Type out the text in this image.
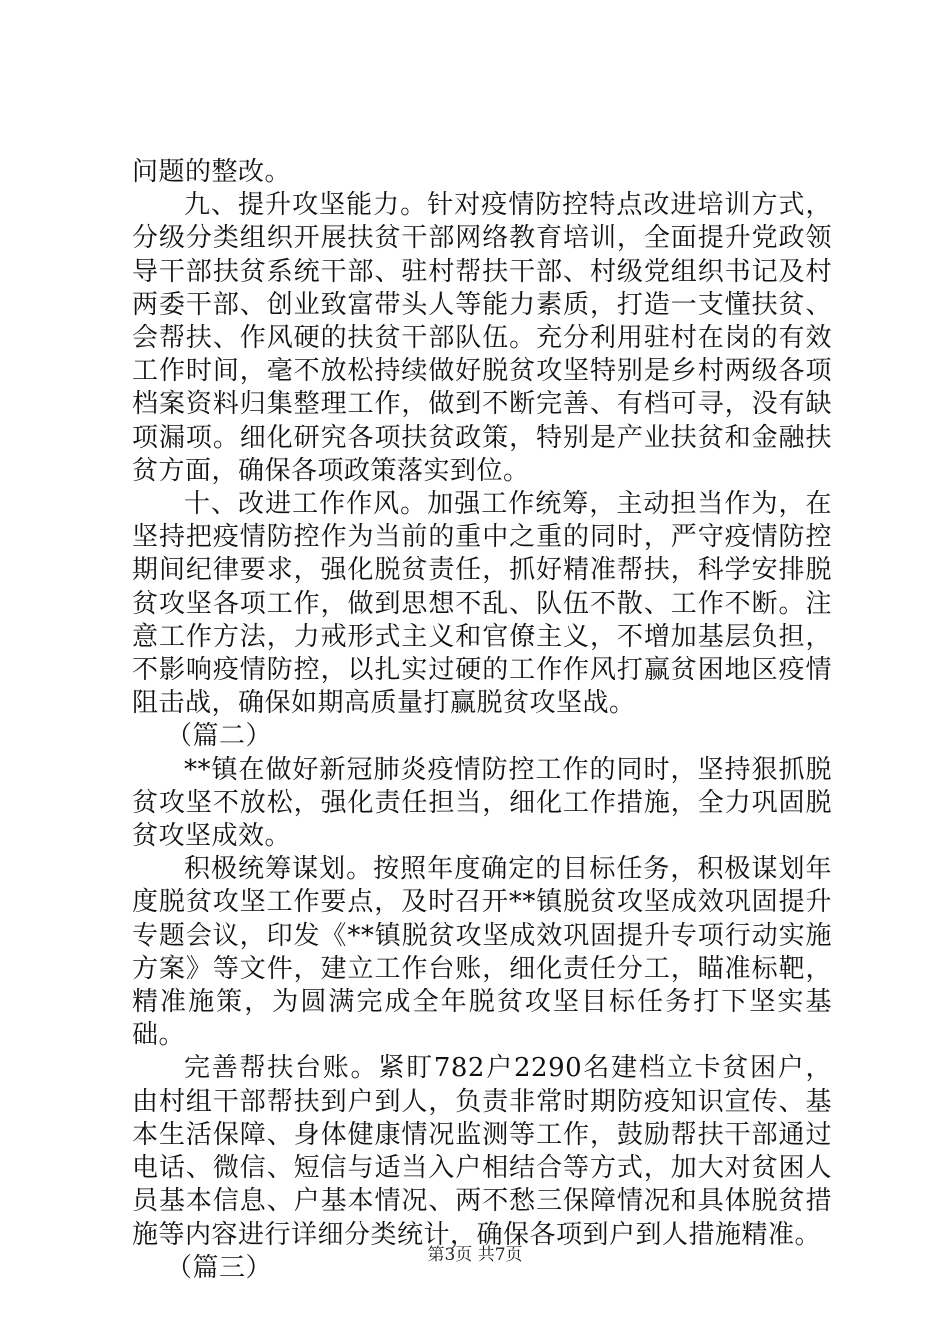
问题的整改。

九、提升攻坚能力。针对疫情防控特点改进培训方式，分级分类组织开展扶贫干部网络教育培训，全面提升党政领导干部扶贫系统干部、驻村帮扶干部、村级党组织书记及村两委干部、创业致富带头人等能力素质，打造一支懂扶贫、会帮扶、作风硬的扶贫干部队伍。充分利用驻村在岗的有效工作时间，毫不放松持续做好脱贫攻坚特别是乡村两级各项档案资料归集整理工作，做到不断完善、有档可寻，没有缺项漏项。细化研究各项扶贫政策，特别是产业扶贫和金融扶贫方面，确保各项政策落实到位。

十、改进工作作风。加强工作统筹，主动担当作为，在坚持把疫情防控作为当前的重中之重的同时，严守疫情防控期间纪律要求，强化脱贫责任，抓好精准帮扶，科学安排脱贫攻坚各项工作，做到思想不乱、队伍不散、工作不断。注意工作方法，力戒形式主义和官僚主义，不增加基层负担，不影响疫情防控，以扎实过硬的工作作风打赢贫困地区疫情阻击战，确保如期高质量打赢脱贫攻坚战。

（篇二）

**镇在做好新冠肺炎疫情防控工作的同时，坚持狠抓脱贫攻坚不放松，强化责任担当，细化工作措施，全力巩固脱贫攻坚成效。

积极统筹谋划。按照年度确定的目标任务，积极谋划年度脱贫攻坚工作要点，及时召开**镇脱贫攻坚成效巩固提升专题会议，印发《**镇脱贫攻坚成效巩固提升专项行动实施方案》等文件，建立工作台账，细化责任分工，瞄准标靶，精准施策，为圆满完成全年脱贫攻坚目标任务打下坚实基础。

完善帮扶台账。紧盯782户2290名建档立卡贫困户，由村组干部帮扶到户到人，负责非常时期防疫知识宣传、基本生活保障、身体健康情况监测等工作，鼓励帮扶干部通过电话、微信、短信与适当入户相结合等方式，加大对贫困人员基本信息、户基本情况、两不愁三保障情况和具体脱贫措施等内容进行详细分类统计，确保各项到户到人措施精准。

（篇三）	第3页 共7页
